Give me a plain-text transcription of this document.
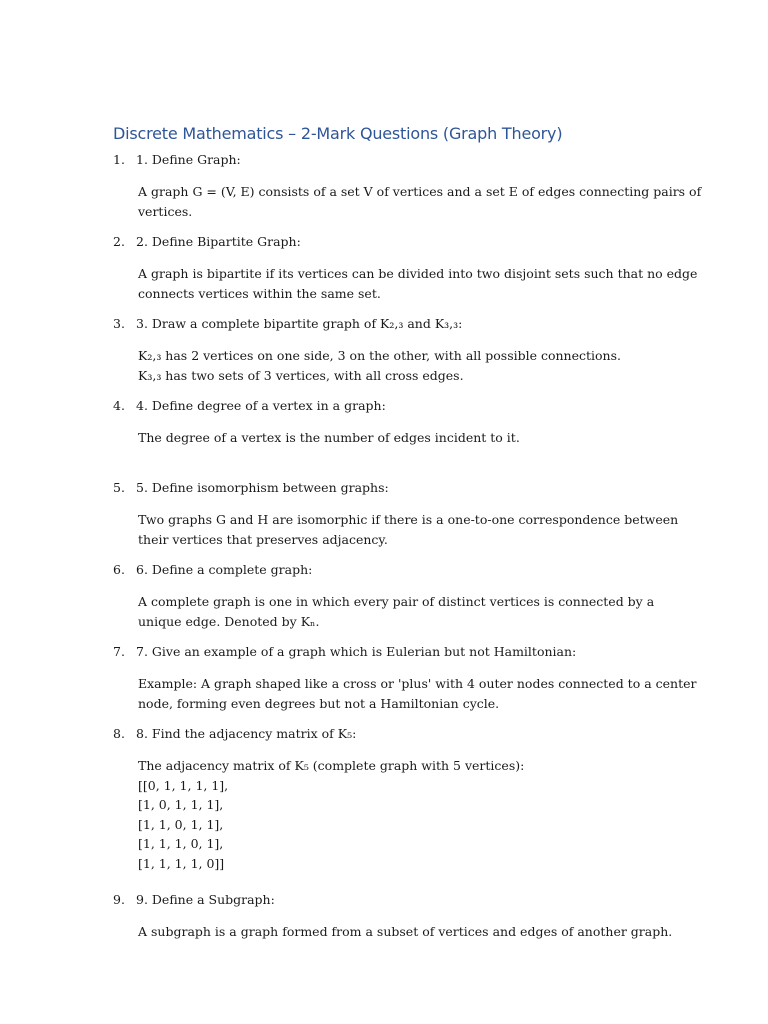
Discrete Mathematics – 2-Mark Questions (Graph Theory)
1. 1. Define Graph:

A graph G = (V, E) consists of a set V of vertices and a set E of edges connecting pairs of
vertices.

2. 2. Define Bipartite Graph:

A graph is bipartite if its vertices can be divided into two disjoint sets such that no edge
connects vertices within the same set.

3. 3. Draw a complete bipartite graph of K₂,₃ and K₃,₃:

K₂,₃ has 2 vertices on one side, 3 on the other, with all possible connections.
K₃,₃ has two sets of 3 vertices, with all cross edges.

4. 4. Define degree of a vertex in a graph:

The degree of a vertex is the number of edges incident to it.

5. 5. Define isomorphism between graphs:

Two graphs G and H are isomorphic if there is a one-to-one correspondence between
their vertices that preserves adjacency.

6. 6. Define a complete graph:

A complete graph is one in which every pair of distinct vertices is connected by a
unique edge. Denoted by Kₙ.

7. 7. Give an example of a graph which is Eulerian but not Hamiltonian:

Example: A graph shaped like a cross or 'plus' with 4 outer nodes connected to a center
node, forming even degrees but not a Hamiltonian cycle.

8. 8. Find the adjacency matrix of K₅:

The adjacency matrix of K₅ (complete graph with 5 vertices):
[[0, 1, 1, 1, 1],
[1, 0, 1, 1, 1],
[1, 1, 0, 1, 1],
[1, 1, 1, 0, 1],
[1, 1, 1, 1, 0]]

9. 9. Define a Subgraph:

A subgraph is a graph formed from a subset of vertices and edges of another graph.
